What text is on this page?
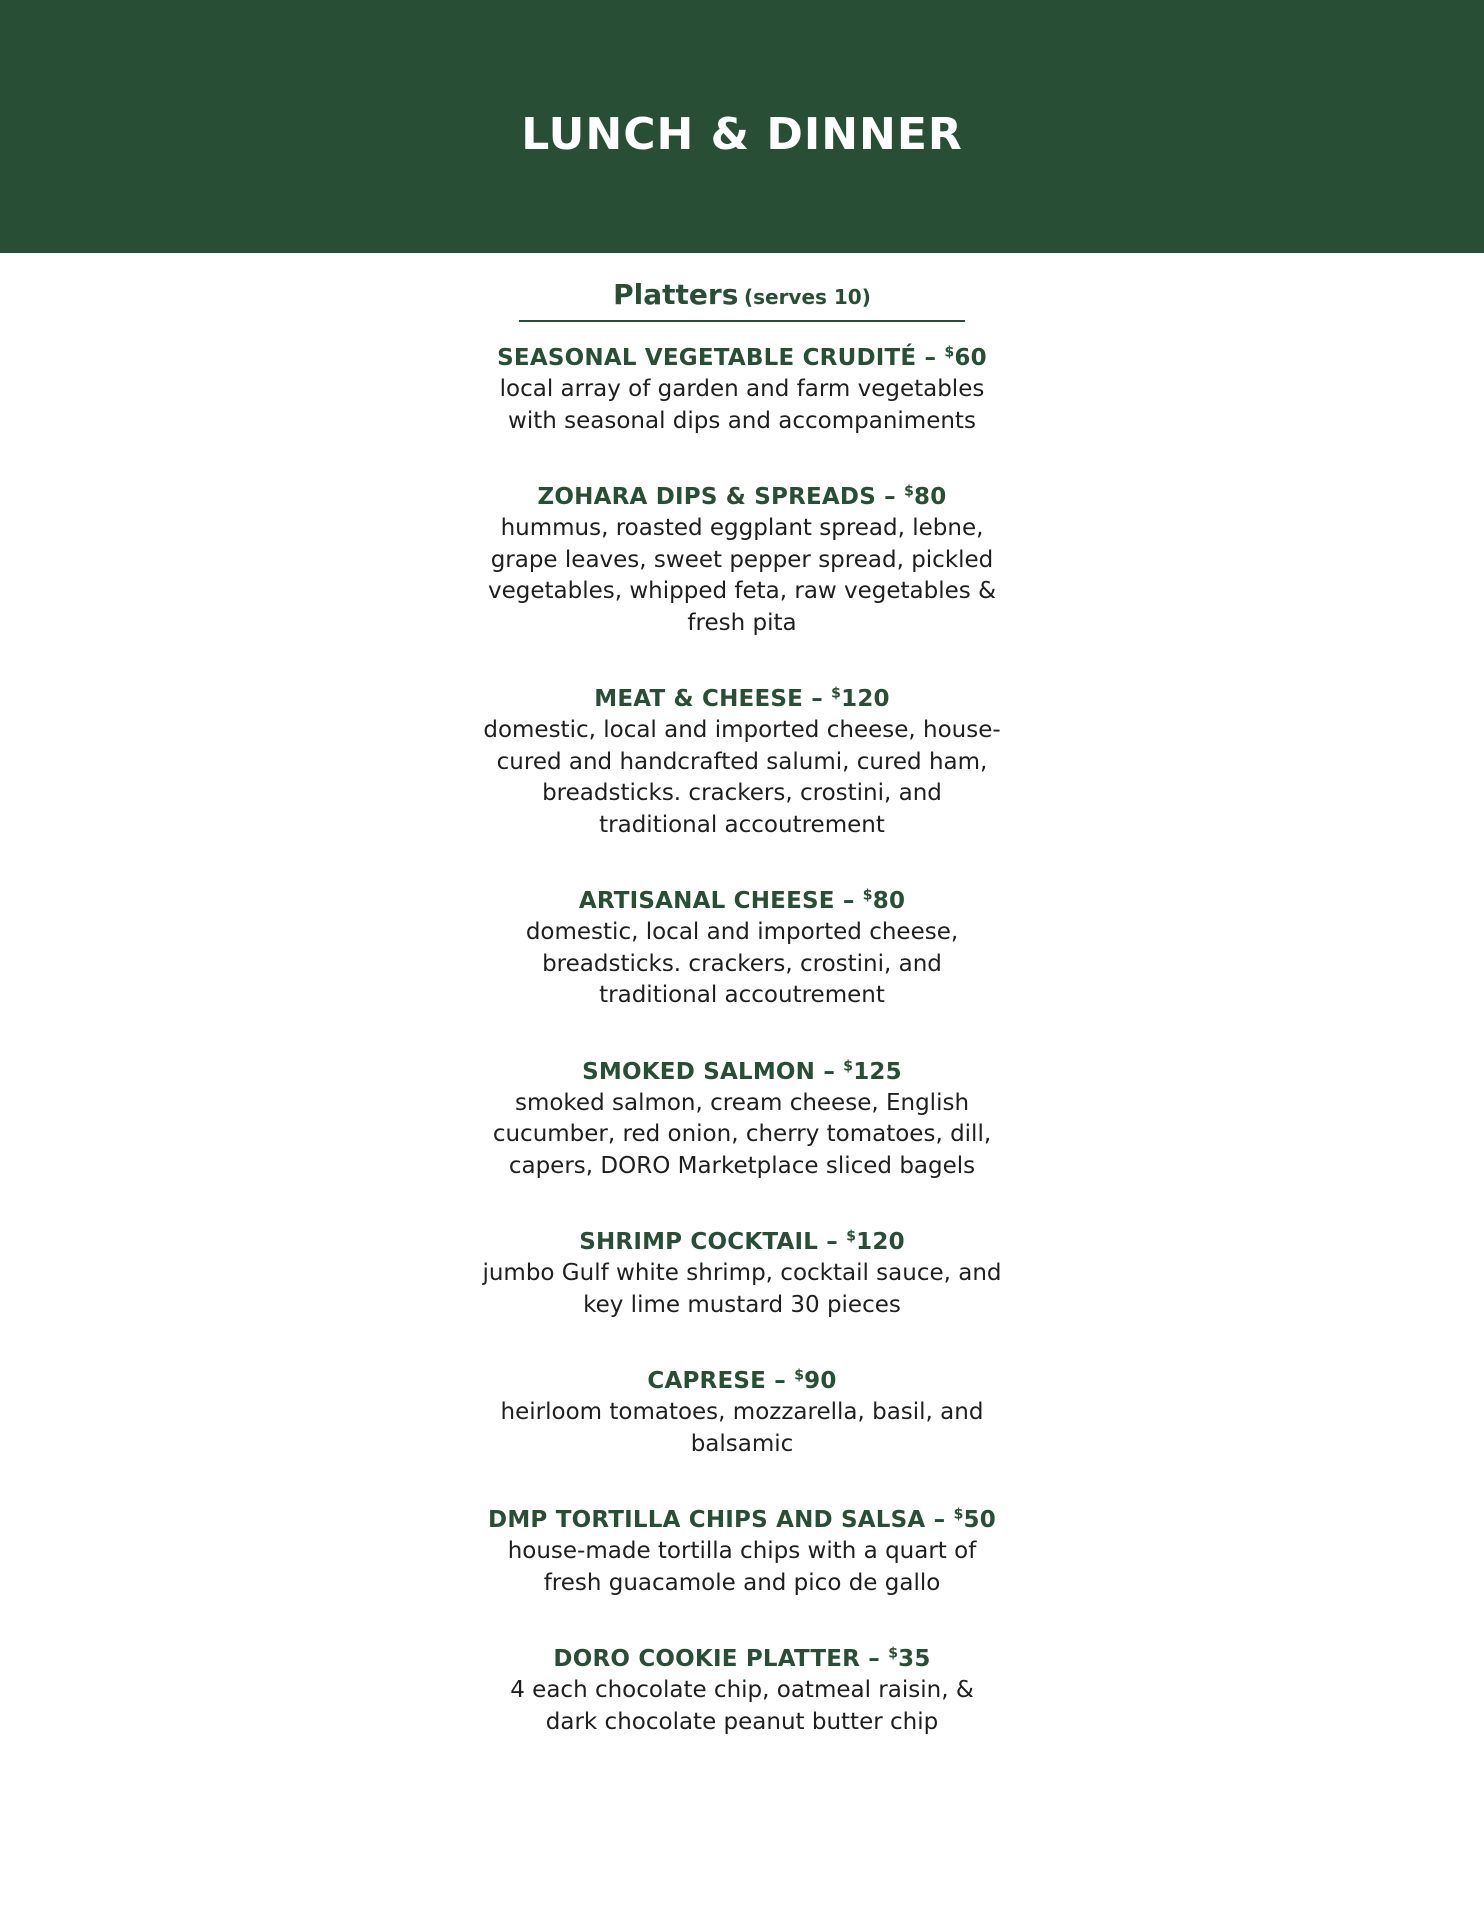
LUNCH & DINNER
Platters (serves 10)
SEASONAL VEGETABLE CRUDITÉ – $60
local array of garden and farm vegetables with seasonal dips and accompaniments
ZOHARA DIPS & SPREADS – $80
hummus, roasted eggplant spread, lebne, grape leaves, sweet pepper spread, pickled vegetables, whipped feta, raw vegetables & fresh pita
MEAT & CHEESE – $120
domestic, local and imported cheese, house-cured and handcrafted salumi, cured ham, breadsticks. crackers, crostini, and traditional accoutrement
ARTISANAL CHEESE – $80
domestic, local and imported cheese, breadsticks. crackers, crostini, and traditional accoutrement
SMOKED SALMON – $125
smoked salmon, cream cheese, English cucumber, red onion, cherry tomatoes, dill, capers, DORO Marketplace sliced bagels
SHRIMP COCKTAIL – $120
jumbo Gulf white shrimp, cocktail sauce, and key lime mustard 30 pieces
CAPRESE – $90
heirloom tomatoes, mozzarella, basil, and balsamic
DMP TORTILLA CHIPS AND SALSA – $50
house-made tortilla chips with a quart of fresh guacamole and pico de gallo
DORO COOKIE PLATTER – $35
4 each chocolate chip, oatmeal raisin, & dark chocolate peanut butter chip
